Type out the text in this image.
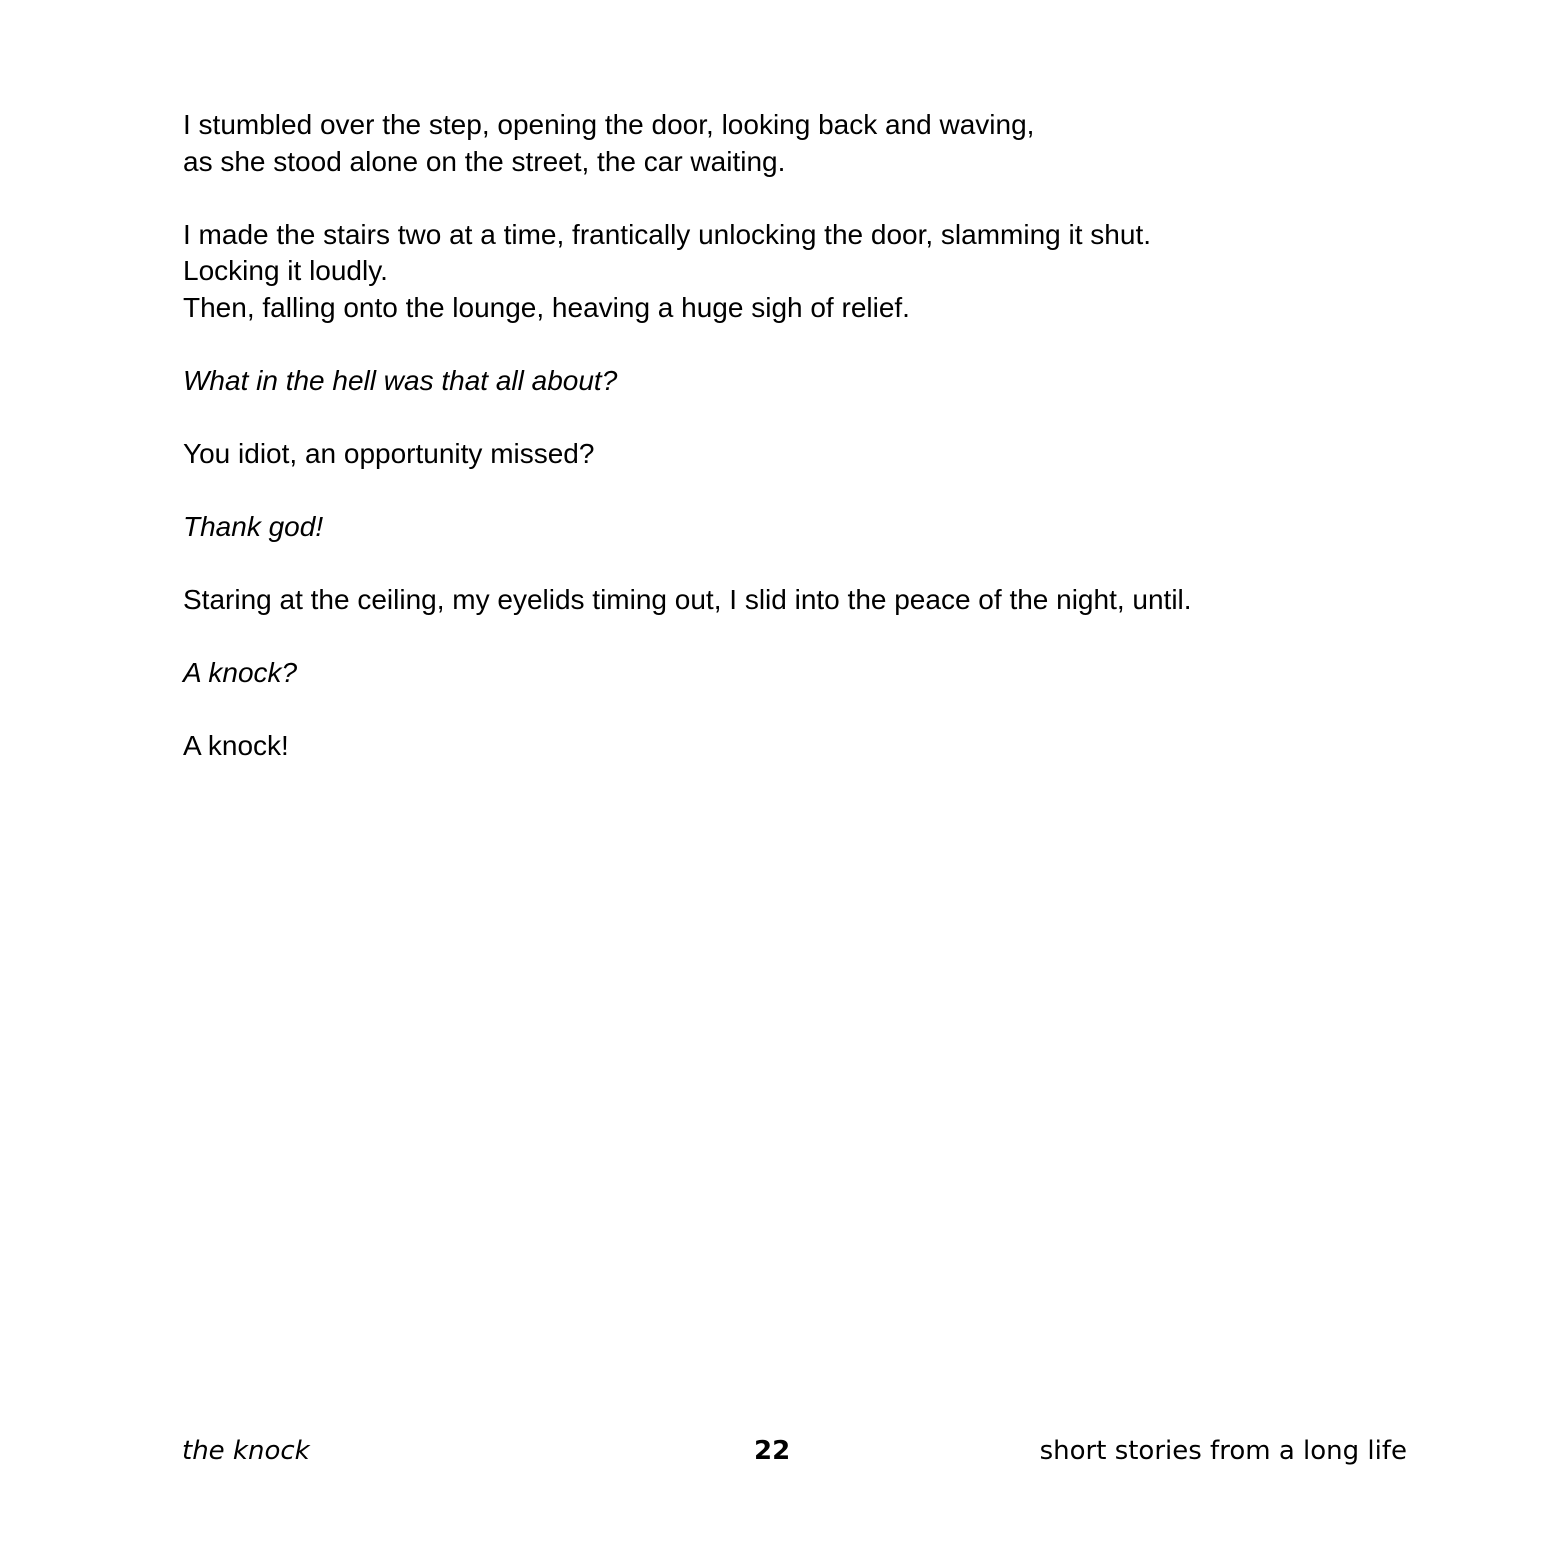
I stumbled over the step, opening the door, looking back and waving,
as she stood alone on the street, the car waiting.

I made the stairs two at a time, frantically unlocking the door, slamming it shut.
Locking it loudly.
Then, falling onto the lounge, heaving a huge sigh of relief.

What in the hell was that all about?

You idiot, an opportunity missed?

Thank god!

Staring at the ceiling, my eyelids timing out, I slid into the peace of the night, until.

A knock?

A knock!

the knock	22	short stories from a long life
